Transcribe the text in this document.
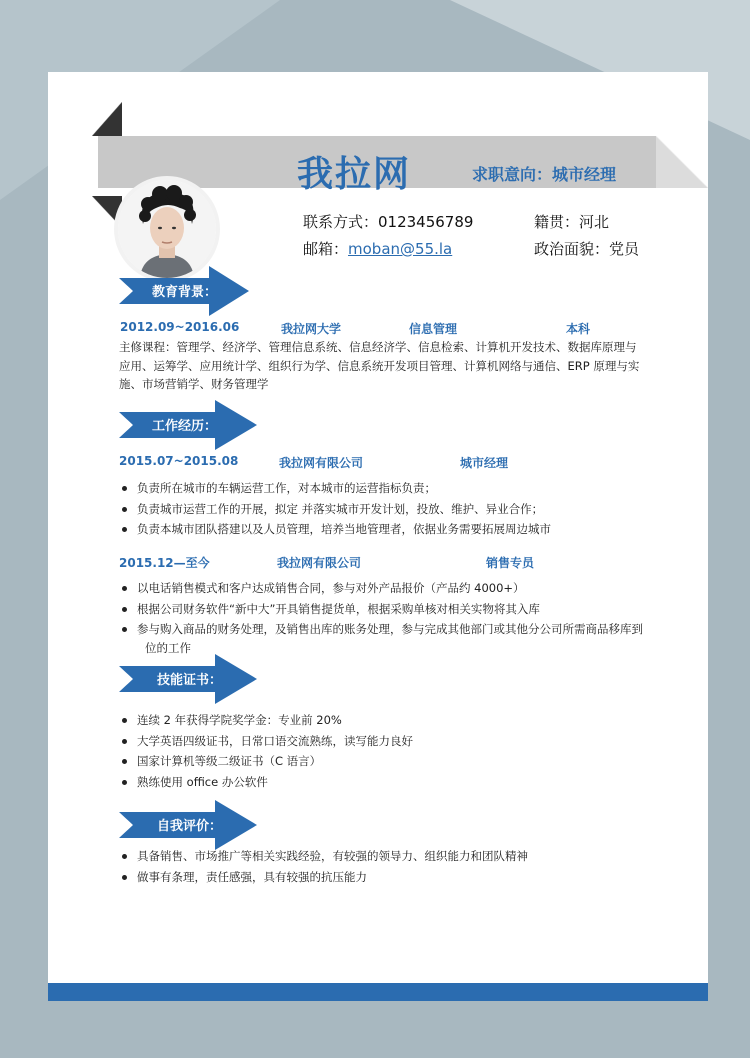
我拉网	求职意向：城市经理
联系方式：0123456789	籍贯：河北
邮箱：moban@55.la	政治面貌：党员
教育背景：
2012.09~2016.06	我拉网大学	信息管理	本科
主修课程：管理学、经济学、管理信息系统、信息经济学、信息检索、计算机开发技术、数据库原理与
应用、运筹学、应用统计学、组织行为学、信息系统开发项目管理、计算机网络与通信、ERP 原理与实
施、市场营销学、财务管理学
工作经历：
2015.07~2015.08	我拉网有限公司	城市经理
负责所在城市的车辆运营工作，对本城市的运营指标负责；
负责城市运营工作的开展，拟定 并落实城市开发计划，投放、维护、异业合作；
负责本城市团队搭建以及人员管理，培养当地管理者，依据业务需要拓展周边城市
2015.12—至今	我拉网有限公司	销售专员
以电话销售模式和客户达成销售合同，参与对外产品报价（产品约 4000+）
根据公司财务软件“新中大”开具销售提货单，根据采购单核对相关实物将其入库
参与购入商品的财务处理，及销售出库的账务处理，参与完成其他部门或其他分公司所需商品移库到
位的工作
技能证书：
连续 2 年获得学院奖学金：专业前 20%
大学英语四级证书，日常口语交流熟练，读写能力良好
国家计算机等级二级证书（C 语言）
熟练使用 office 办公软件
自我评价：
具备销售、市场推广等相关实践经验，有较强的领导力、组织能力和团队精神
做事有条理，责任感强，具有较强的抗压能力
